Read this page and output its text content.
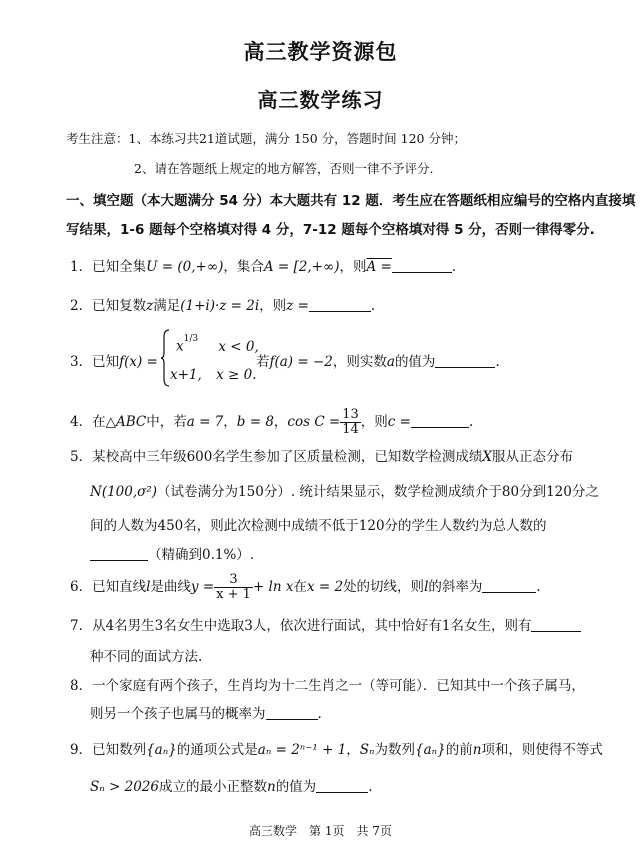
高三教学资源包
高三数学练习
考生注意：1、本练习共21道试题，满分 150 分，答题时间 120 分钟；
2、请在答题纸上规定的地方解答，否则一律不予评分.
一、填空题（本大题满分 54 分）本大题共有 12 题．考生应在答题纸相应编号的空格内直接填
写结果，1-6 题每个空格填对得 4 分，7-12 题每个空格填对得 5 分，否则一律得零分.
1．已知全集U = (0,+∞)，集合A = [2,+∞)，则A =	.
2．已知复数z满足(1+i)·z = 2i，则z =	.
3．已知f(x) =
$x^{1/3}$ x < 0,
x+1, x ≥ 0.
若f(a) = −2，则实数a的值为	.
4．在△ABC中，若a = 7，b = 8，$\cos C = \frac{13}{14}$ ，则c =	.
5．某校高中三年级600名学生参加了区质量检测，已知数学检测成绩X服从正态分布
N(100,σ²)（试卷满分为150分）. 统计结果显示，数学检测成绩介于80分到120分之
间的人数为450名，则此次检测中成绩不低于120分的学生人数约为总人数的
（精确到0.1%）.
6．已知直线l是曲线$y = \frac{3}{x + 1} + \ln x$在x = 2处的切线，则l的斜率为	.
7．从4名男生3名女生中选取3人，依次进行面试，其中恰好有1名女生，则有
种不同的面试方法.
8．一个家庭有两个孩子，生肖均为十二生肖之一（等可能）．已知其中一个孩子属马，
则另一个孩子也属马的概率为	.
9．已知数列{aₙ}的通项公式是aₙ = 2ⁿ⁻¹ + 1，Sₙ为数列{aₙ}的前n项和，则使得不等式
Sₙ > 2026成立的最小正整数n的值为	.
高三数学　第 1页　共 7页
